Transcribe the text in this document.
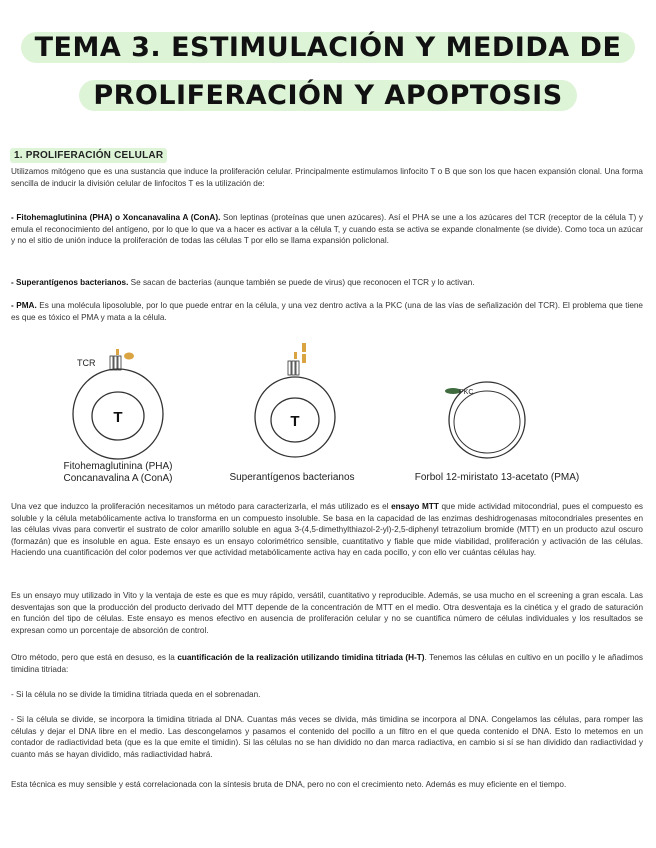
TEMA 3. ESTIMULACIÓN Y MEDIDA DE
PROLIFERACIÓN Y APOPTOSIS
1. PROLIFERACIÓN CELULAR

Utilizamos mitógeno que es una sustancia que induce la proliferación celular. Principalmente estimulamos linfocito T o B que son los que hacen expansión clonal. Una forma sencilla de inducir la división celular de linfocitos T es la utilización de:

- Fitohemaglutinina (PHA) o Xoncanavalina A (ConA). Son leptinas (proteínas que unen azúcares). Así el PHA se une a los azúcares del TCR (receptor de la célula T) y emula el reconocimiento del antígeno, por lo que lo que va a hacer es activar a la célula T, y cuando esta se activa se expande clonalmente (se divide). Como toca un azúcar y no el sitio de unión induce la proliferación de todas las células T por ello se llama expansión policlonal.

- Superantígenos bacterianos. Se sacan de bacterias (aunque también se puede de virus) que reconocen el TCR y lo activan.

- PMA. Es una molécula liposoluble, por lo que puede entrar en la célula, y una vez dentro activa a la PKC (una de las vías de señalización del TCR). El problema que tiene es que es tóxico el PMA y mata a la célula.

T
TCR
Fitohemaglutinina (PHA)
Concanavalina A (ConA)
T
Superantígenos bacterianos
PKC
Forbol 12-miristato 13-acetato (PMA)

Una vez que induzco la proliferación necesitamos un método para caracterizarla, el más utilizado es el ensayo MTT que mide actividad mitocondrial, pues el compuesto es soluble y la célula metabólicamente activa lo transforma en un compuesto insoluble. Se basa en la capacidad de las enzimas deshidrogenasas mitocondriales presentes en las células vivas para convertir el sustrato de color amarillo soluble en agua 3-(4,5-dimethylthiazol-2-yl)-2,5-diphenyl tetrazolium bromide (MTT) en un producto azul oscuro (formazán) que es insoluble en agua. Este ensayo es un ensayo colorimétrico sensible, cuantitativo y fiable que mide viabilidad, proliferación y activación de las células. Haciendo una cuantificación del color podemos ver que actividad metabólicamente activa hay en cada pocillo, y con ello ver cuántas células hay.

Es un ensayo muy utilizado in Vito y la ventaja de este es que es muy rápido, versátil, cuantitativo y reproducible. Además, se usa mucho en el screening a gran escala. Las desventajas son que la producción del producto derivado del MTT depende de la concentración de MTT en el medio. Otra desventaja es la cinética y el grado de saturación en función del tipo de células. Este ensayo es menos efectivo en ausencia de proliferación celular y no se cuantifica número de células individuales y los resultados se expresan como un porcentaje de absorción de control.

Otro método, pero que está en desuso, es la cuantificación de la realización utilizando timidina titriada (H-T). Tenemos las células en cultivo en un pocillo y le añadimos timidina titriada:

- Si la célula no se divide la timidina titriada queda en el sobrenadan.

- Si la célula se divide, se incorpora la timidina titriada al DNA. Cuantas más veces se divida, más timidina se incorpora al DNA. Congelamos las células, para romper las células y dejar el DNA libre en el medio. Las descongelamos y pasamos el contenido del pocillo a un filtro en el que queda contenido el DNA. Esto lo metemos en un contador de radiactividad beta (que es la que emite el timidin). Si las células no se han dividido no dan marca radiactiva, en cambio si sí se han dividido dan radiactividad y cuanto más se hayan dividido, más radiactividad habrá.

Esta técnica es muy sensible y está correlacionada con la síntesis bruta de DNA, pero no con el crecimiento neto. Además es muy eficiente en el tiempo.
